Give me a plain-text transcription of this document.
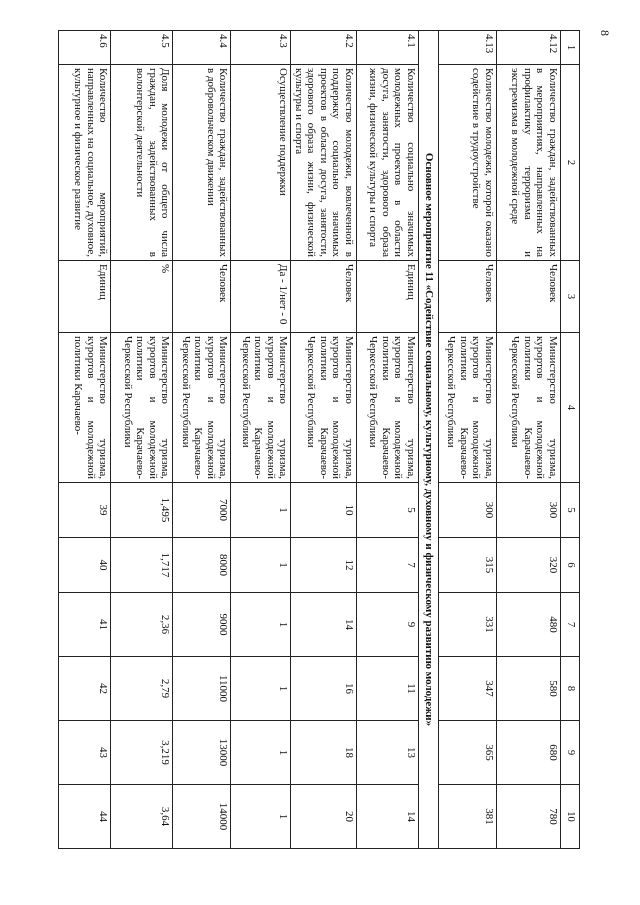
8
1	2	3	4	5	6	7	8	9	10
4.12	Количество граждан, задействованных в мероприятиях, направленных на профилактику терроризма и экстремизма в молодежной среде	Человек	Министерство туризма, курортов и молодежной политики Карачаево-Черкесской Республики	300	320	480	580	680	780
4.13	Количество молодежи, которой оказано содействие в трудоустройстве	Человек	Министерство туризма, курортов и молодежной политики Карачаево-Черкесской Республики	300	315	331	347	365	381
Основное мероприятие 11 «Содействие социальному, культурному, духовному и физическому развитию молодежи»									
4.1	Количество социально значимых молодежных проектов в области досуга, занятости, здорового образа жизни, физической культуры и спорта	Единиц	Министерство туризма, курортов и молодежной политики Карачаево-Черкесской Республики	5	7	9	11	13	14
4.2	Количество молодежи, вовлеченной в поддержку социально значимых проектов в области досуга, занятости, здорового образа жизни, физической культуры и спорта	Человек	Министерство туризма, курортов и молодежной политики Карачаево-Черкесской Республики	10	12	14	16	18	20
4.3	Осуществление поддержки	Да - 1/нет - 0	Министерство туризма, курортов и молодежной политики Карачаево-Черкесской Республики	1	1	1	1	1	1
4.4	Количество граждан, задействованных в добровольческом движении	Человек	Министерство туризма, курортов и молодежной политики Карачаево-Черкесской Республики	7000	8000	9000	11000	13000	14000
4.5	Доля молодежи от общего числа граждан, задействованных в волонтерской деятельности	%	Министерство туризма, курортов и молодежной политики Карачаево-Черкесской Республики	1,495	1,717	2,36	2,79	3,219	3,64
4.6	Количество мероприятий, направленных на социальное, духовное, культурное и физическое развитие	Единиц	Министерство туризма, курортов и молодежной политики Карачаево-	39	40	41	42	43	44
